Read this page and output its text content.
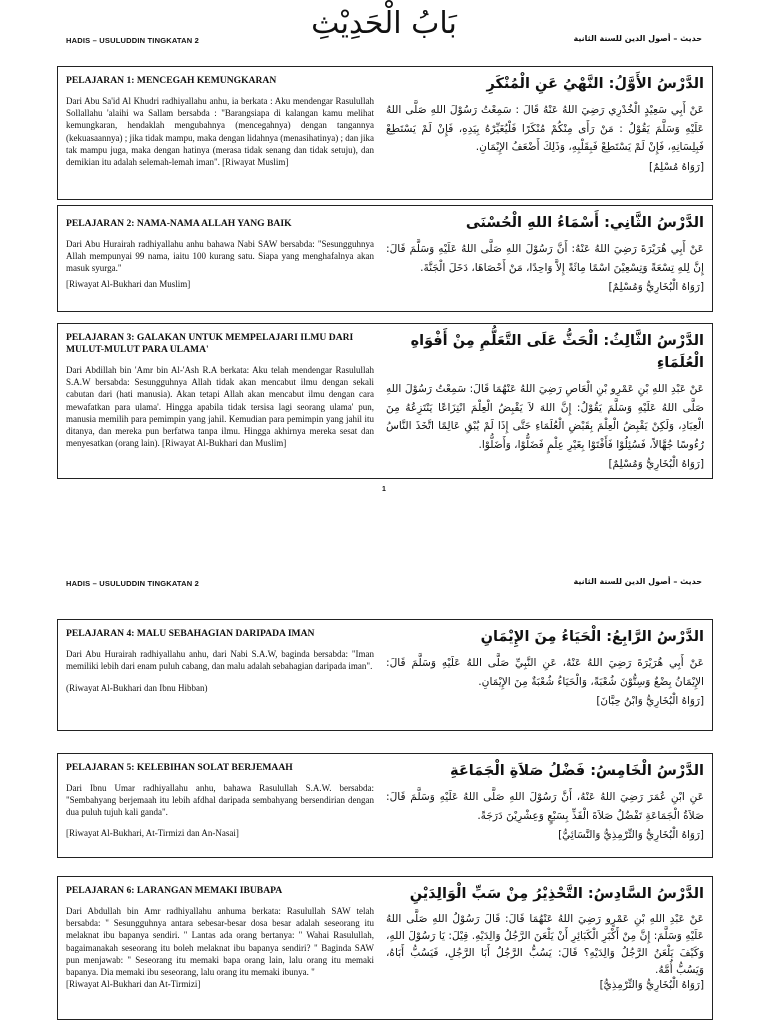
HADIS – USULUDDIN TINGKATAN 2	بَابُ الْحَدِيْثِ	حديث – أصول الدين للسنة الثانية

PELAJARAN 1: MENCEGAH KEMUNGKARAN

Dari Abu Sa'id Al Khudri radhiyallahu anhu, ia berkata : Aku mendengar Rasulullah Sollallahu 'alaihi wa Sallam bersabda : "Barangsiapa di kalangan kamu melihat kemungkaran, hendaklah mengubahnya (mencegahnya) dengan tangannya (kekuasaannya) ; jika tidak mampu, maka dengan lidahnya (menasihatinya) ; dan jika tak mampu juga, maka dengan hatinya (merasa tidak senang dan tidak setuju), dan demikian itu adalah selemah-lemah iman". [Riwayat Muslim]

الدَّرْسُ الأَوَّلُ: النَّهْيُ عَنِ الْمُنْكَرِ

عَنْ أَبِي سَعِيْدٍ الْخُدْرِي رَضِيَ اللهُ عَنْهُ قَالَ : سَمِعْتُ رَسُوْلَ اللهِ صَلَّى اللهُ عَلَيْهِ وَسَلَّمَ يَقُوْلُ : مَنْ رَأَى مِنْكُمْ مُنْكَرًا فَلْيُغَيِّرْهُ بِيَدِهِ، فَإِنْ لَمْ يَسْتَطِعْ فَبِلِسَانِهِ، فَإِنْ لَمْ يَسْتَطِعْ فَبِقَلْبِهِ، وَذَلِكَ أَضْعَفُ الإِيْمَانِ.

[رَوَاهُ مُسْلِمٌ]

PELAJARAN 2: NAMA-NAMA ALLAH YANG BAIK

Dari Abu Hurairah radhiyallahu anhu bahawa Nabi SAW bersabda: "Sesungguhnya Allah mempunyai 99 nama, iaitu 100 kurang satu. Siapa yang menghafalnya akan masuk syurga."

[Riwayat Al-Bukhari dan Muslim]

الدَّرْسُ الثَّانِي: أَسْمَاءُ اللهِ الْحُسْنَى

عَنْ أَبِي هُرَيْرَةَ رَضِيَ اللهُ عَنْهُ: أَنَّ رَسُوْلَ اللهِ صَلَّى اللهُ عَلَيْهِ وَسَلَّمَ قَالَ: إِنَّ لِلهِ تِسْعَةً وَتِسْعِيْنَ اسْمًا مِائَةً إِلاَّ وَاحِدًا، مَنْ أَحْصَاهَا، دَخَلَ الْجَنَّةَ.

[رَوَاهُ الْبُخَارِيُّ وَمُسْلِمٌ]

PELAJARAN 3: GALAKAN UNTUK MEMPELAJARI ILMU DARI MULUT-MULUT PARA ULAMA'

Dari Abdillah bin 'Amr bin Al-'Ash R.A berkata: Aku telah mendengar Rasulullah S.A.W bersabda: Sesungguhnya Allah tidak akan mencabut ilmu dengan sekali cabutan dari (hati manusia). Akan tetapi Allah akan mencabut ilmu dengan cara mewafatkan para ulama'. Hingga apabila tidak tersisa lagi seorang ulama' pun, manusia memilih para pemimpin yang jahil. Kemudian para pemimpin yang jahil itu ditanya, dan mereka pun berfatwa tanpa ilmu. Hingga akhirnya mereka sesat dan menyesatkan (orang lain). [Riwayat Al-Bukhari dan Muslim]

الدَّرْسُ الثَّالِثُ: الْحَثُّ عَلَى التَّعَلُّمِ مِنْ أَفْوَاهِ الْعُلَمَاءِ

عَنْ عَبْدِ اللهِ بْنِ عَمْرِو بْنِ الْعَاصِ رَضِيَ اللهُ عَنْهُمَا قَالَ: سَمِعْتُ رَسُوْلَ اللهِ صَلَّى اللهُ عَلَيْهِ وَسَلَّمَ يَقُوْلُ: إِنَّ اللهَ لاَ يَقْبِضُ الْعِلْمَ انْتِزَاعًا يَنْتَزِعُهُ مِنَ الْعِبَادِ، وَلَكِنْ يَقْبِضُ الْعِلْمَ بِقَبْضِ الْعُلَمَاءِ حَتَّى إِذَا لَمْ يُبْقِ عَالِمًا اتَّخَذَ النَّاسُ رُءُوسًا جُهَّالاً، فَسُئِلُوْا فَأَفْتَوْا بِغَيْرِ عِلْمٍ فَضَلُّوْا، وَأَضَلُّوْا.

[رَوَاهُ الْبُخَارِيُّ وَمُسْلِمٌ]

1
HADIS – USULUDDIN TINGKATAN 2	حديث – أصول الدين للسنة الثانية

PELAJARAN 4: MALU SEBAHAGIAN DARIPADA IMAN

Dari Abu Hurairah radhiyallahu anhu, dari Nabi S.A.W, baginda bersabda: "Iman memiliki lebih dari enam puluh cabang, dan malu adalah sebahagian daripada iman".

(Riwayat Al-Bukhari dan Ibnu Hibban)

الدَّرْسُ الرَّابِعُ: الْحَيَاءُ مِنَ الإِيْمَانِ

عَنْ أَبِي هُرَيْرَةَ رَضِيَ اللهُ عَنْهُ، عَنِ النَّبِيِّ صَلَّى اللهُ عَلَيْهِ وَسَلَّمَ قَالَ: الإِيْمَانُ بِضْعٌ وَسِتُّوْنَ شُعْبَةً، وَالْحَيَاءُ شُعْبَةٌ مِنَ الإِيْمَانِ.

[رَوَاهُ الْبُخَارِيُّ وَابْنُ حِبَّانَ]

PELAJARAN 5: KELEBIHAN SOLAT BERJEMAAH

Dari Ibnu Umar radhiyallahu anhu, bahawa Rasulullah S.A.W. bersabda: "Sembahyang berjemaah itu lebih afdhal daripada sembahyang bersendirian dengan dua puluh tujuh kali ganda".

[Riwayat Al-Bukhari, At-Tirmizi dan An-Nasai]

الدَّرْسُ الْخَامِسُ: فَضْلُ صَلاَةِ الْجَمَاعَةِ

عَنِ ابْنِ عُمَرَ رَضِيَ اللهُ عَنْهُ، أَنَّ رَسُوْلَ اللهِ صَلَّى اللهُ عَلَيْهِ وَسَلَّمَ قَالَ: صَلاَةُ الْجَمَاعَةِ تَفْضُلُ صَلاَةَ الْفَذِّ بِسَبْعٍ وَعِشْرِيْنَ دَرَجَةً.

[رَوَاهُ الْبُخَارِيُّ وَالتِّرْمِذِيُّ وَالنَّسَائِيُّ]

PELAJARAN 6: LARANGAN MEMAKI IBUBAPA

Dari Abdullah bin Amr radhiyallahu anhuma berkata: Rasulullah SAW telah bersabda: " Sesungguhnya antara sebesar-besar dosa besar adalah seseorang itu melaknat ibu bapanya sendiri. " Lantas ada orang bertanya: " Wahai Rasulullah, bagaimanakah seseorang itu boleh melaknat ibu bapanya sendiri? " Baginda SAW pun menjawab: " Seseorang itu memaki bapa orang lain, lalu orang itu memaki bapanya. Dia memaki ibu seseorang, lalu orang itu memaki ibunya. "

[Riwayat Al-Bukhari dan At-Tirmizi]

الدَّرْسُ السَّادِسُ: التَّحْذِيْرُ مِنْ سَبِّ الْوَالِدَيْنِ

عَنْ عَبْدِ اللهِ بْنِ عَمْرٍو رَضِيَ اللهُ عَنْهُمَا قَالَ: قَالَ رَسُوْلُ اللهِ صَلَّى اللهُ عَلَيْهِ وَسَلَّمَ: إِنَّ مِنْ أَكْبَرِ الْكَبَائِرِ أَنْ يَلْعَنَ الرَّجُلُ وَالِدَيْهِ. قِيْلَ: يَا رَسُوْلَ اللهِ، وَكَيْفَ يَلْعَنُ الرَّجُلُ وَالِدَيْهِ؟ قَالَ: يَسُبُّ الرَّجُلُ أَبَا الرَّجُلِ، فَيَسُبُّ أَبَاهُ، وَيَسُبُّ أُمَّهُ.

[رَوَاهُ الْبُخَارِيُّ وَالتِّرْمِذِيُّ]
